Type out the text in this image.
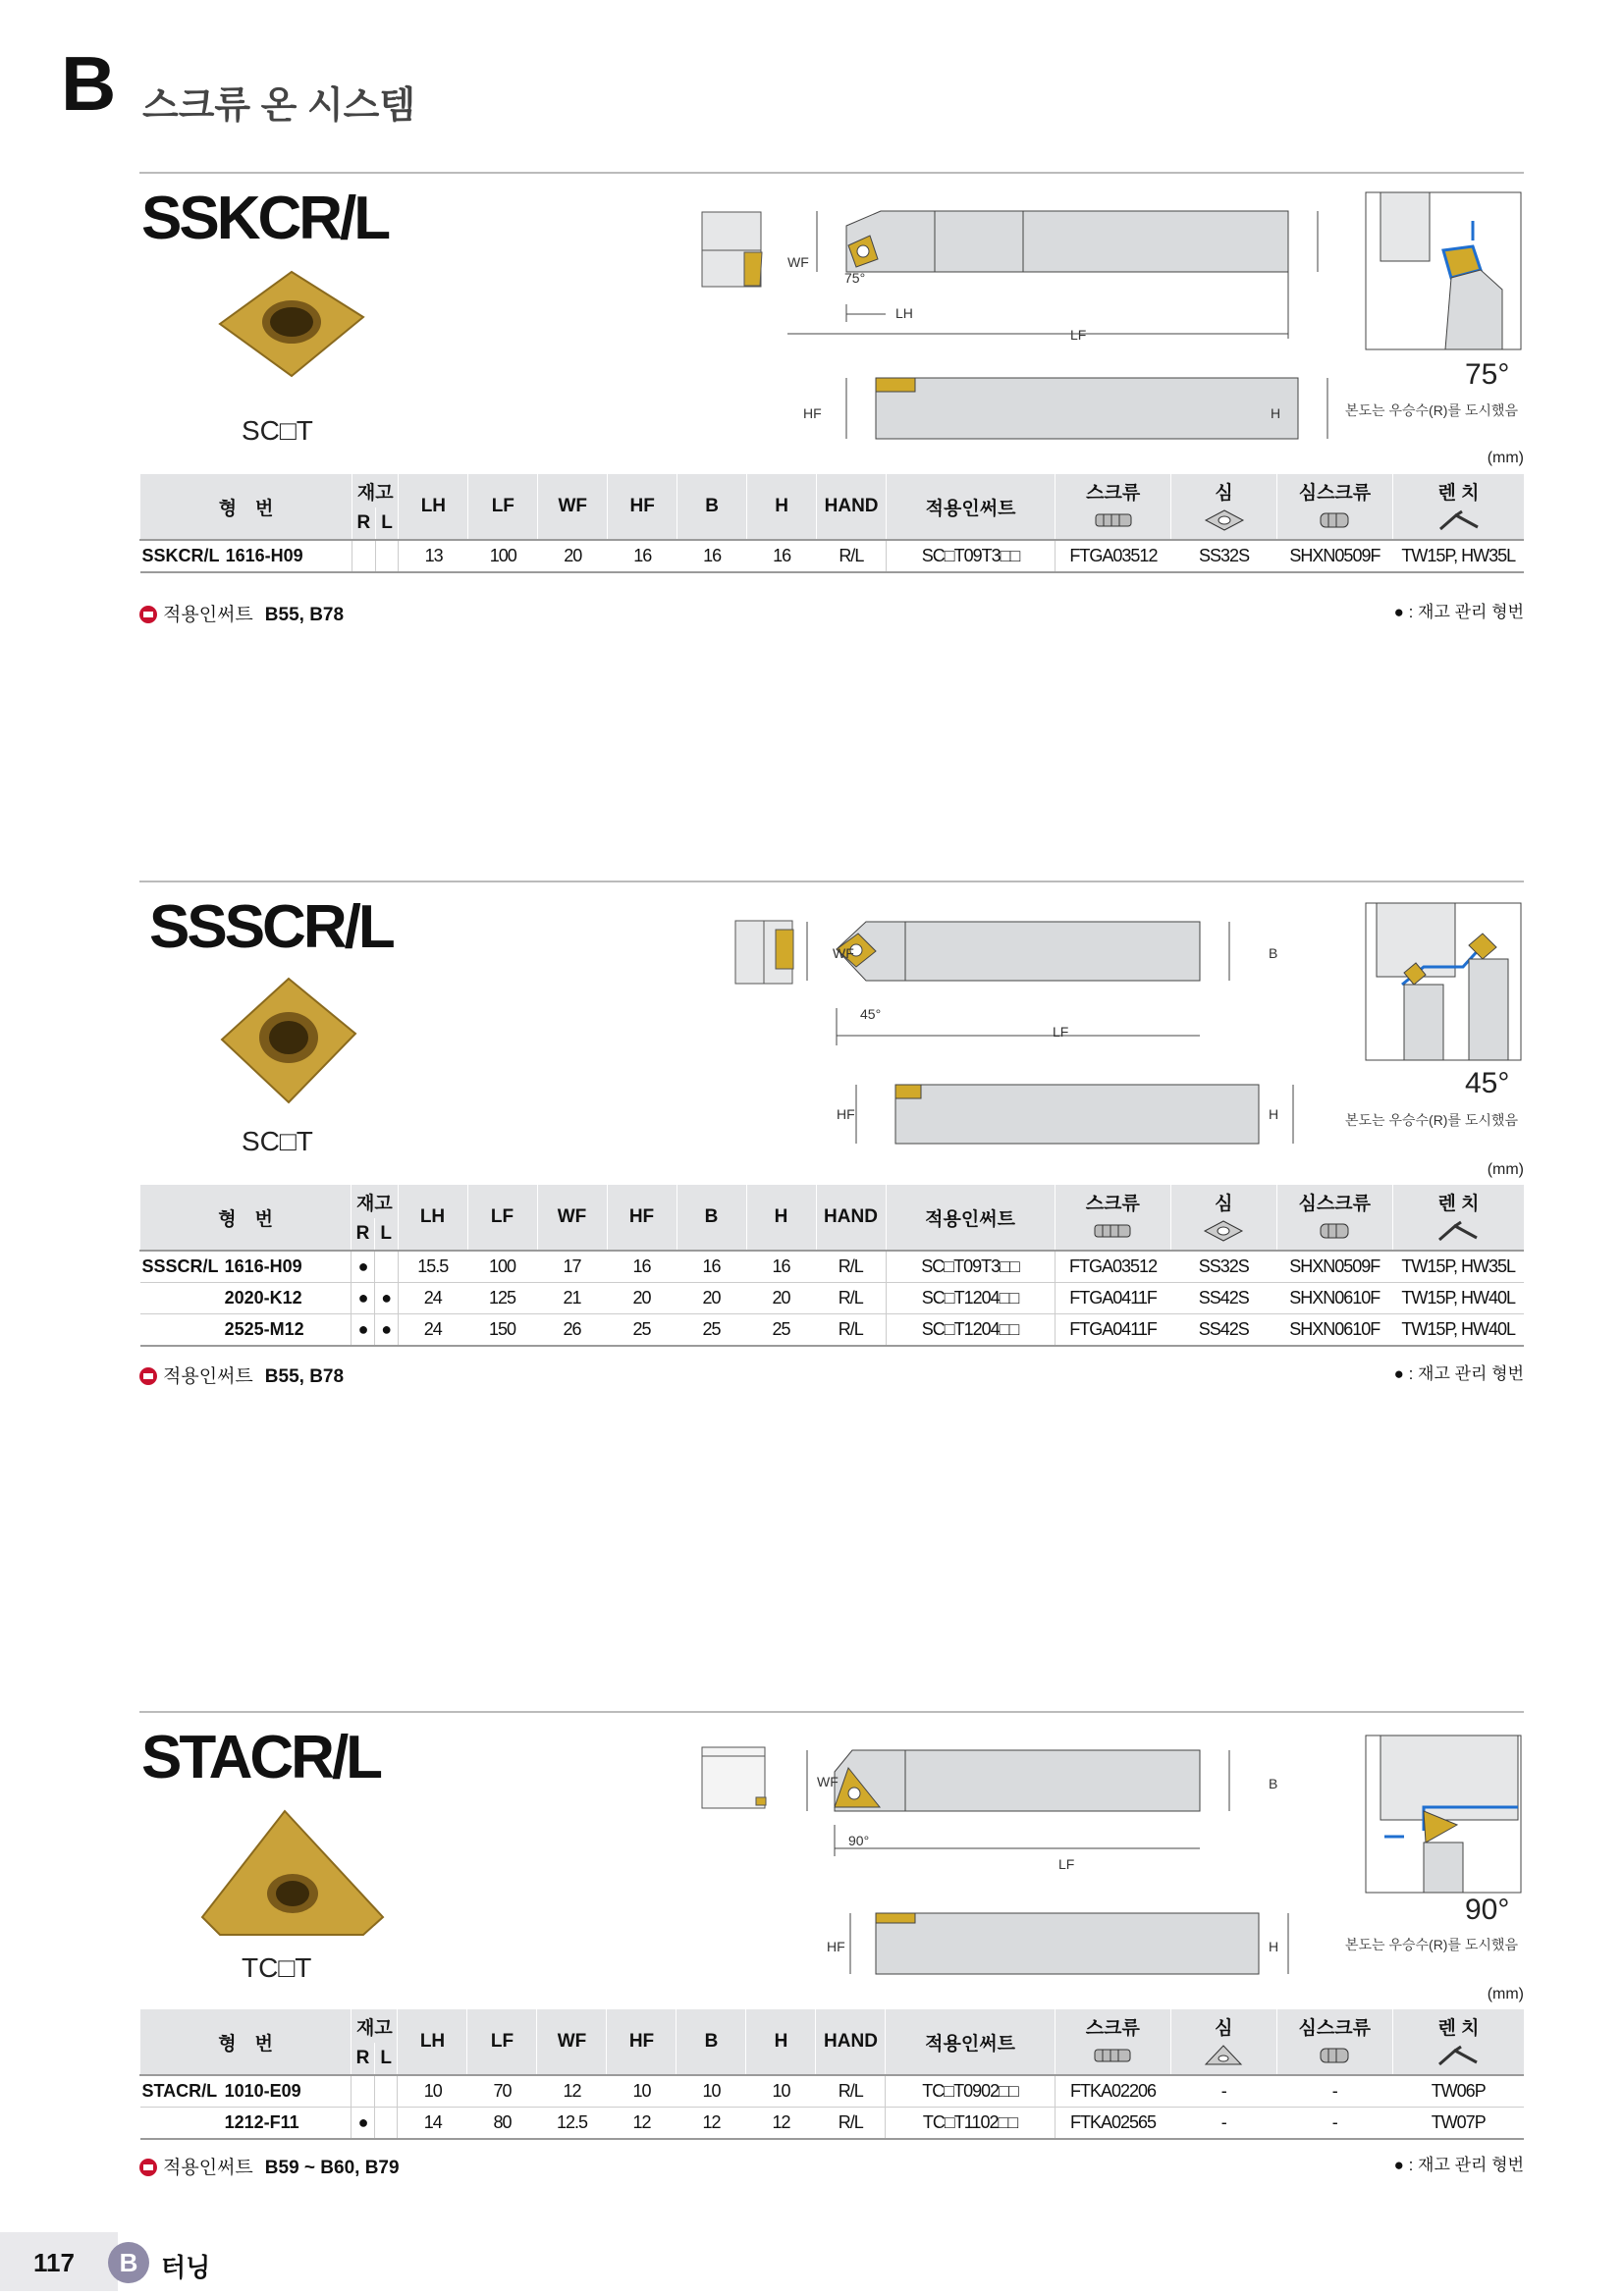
B 스크류 온 시스템
SSKCR/L
SC□T
WF
75°
LH
LF
HF	H
75°
본도는 우승수(R)를 도시했음
(mm)
형　번		재고		LH	LF	WF	HF	B	H	HAND	적용인써트	스크류	심	심스크류	렌 치
		R	L				
SSKCR/L	1616-H09			13	100	20	16	16	16	R/L	SC□T09T3□□	FTGA03512	SS32S	SHXN0509F	TW15P, HW35L
적용인써트 B55, B78	● : 재고 관리 형번
SSSCR/L
SC□T
WF
45°
LF
B
HF	H
45°
본도는 우승수(R)를 도시했음
(mm)
형　번		재고		LH	LF	WF	HF	B	H	HAND	적용인써트	스크류	심	심스크류	렌 치
		R	L				
SSSCR/L	1616-H09	●		15.5	100	17	16	16	16	R/L	SC□T09T3□□	FTGA03512	SS32S	SHXN0509F	TW15P, HW35L
	2020-K12	●	●	24	125	21	20	20	20	R/L	SC□T1204□□	FTGA0411F	SS42S	SHXN0610F	TW15P, HW40L
	2525-M12	●	●	24	150	26	25	25	25	R/L	SC□T1204□□	FTGA0411F	SS42S	SHXN0610F	TW15P, HW40L
적용인써트 B55, B78	● : 재고 관리 형번
STACR/L
TC□T
WF
90°
LF
B
HF	H
90°
본도는 우승수(R)를 도시했음
(mm)
형　번		재고		LH	LF	WF	HF	B	H	HAND	적용인써트	스크류	심	심스크류	렌 치
		R	L				
STACR/L	1010-E09			10	70	12	10	10	10	R/L	TC□T0902□□	FTKA02206	-	-	TW06P
	1212-F11	●		14	80	12.5	12	12	12	R/L	TC□T1102□□	FTKA02565	-	-	TW07P
적용인써트 B59 ~ B60, B79	● : 재고 관리 형번
117	B 터닝
